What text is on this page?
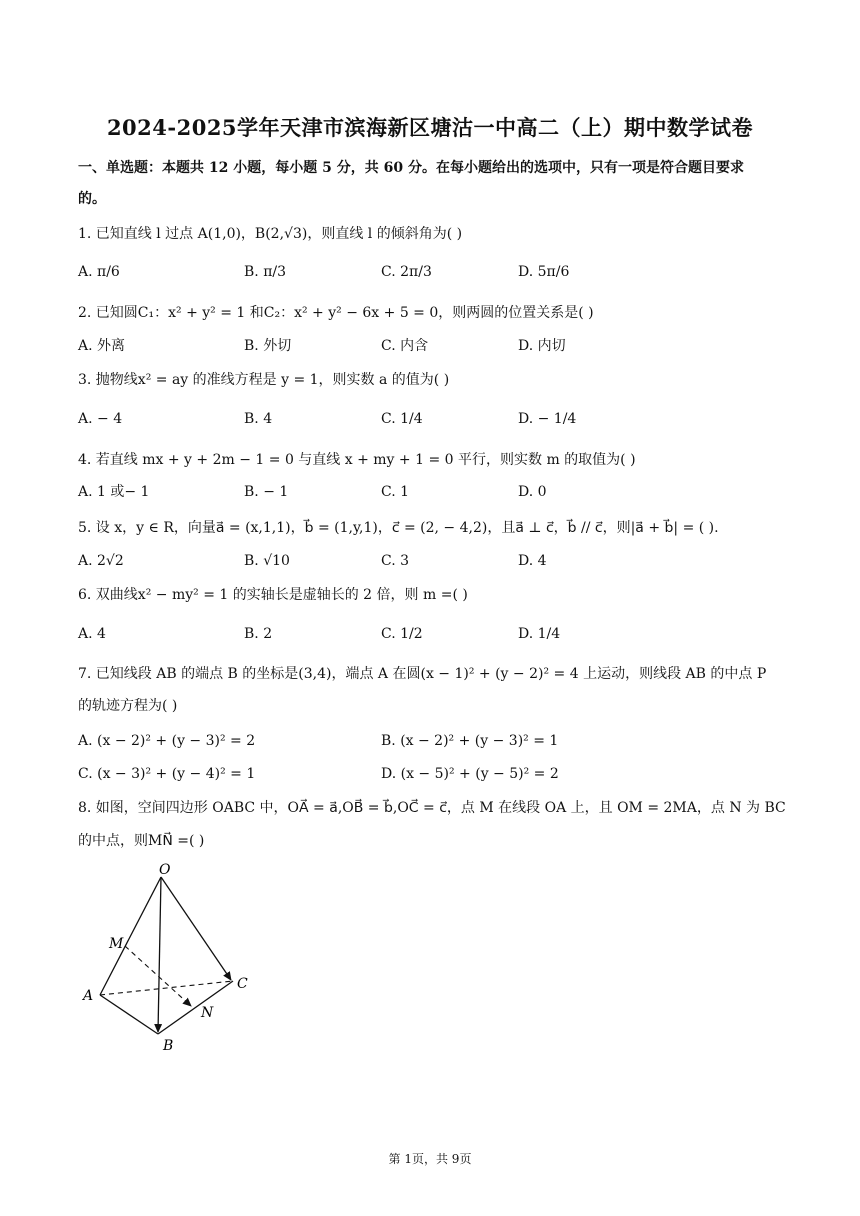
2024-2025学年天津市滨海新区塘沽一中高二（上）期中数学试卷
一、单选题：本题共 12 小题，每小题 5 分，共 60 分。在每小题给出的选项中，只有一项是符合题目要求
的。
1. 已知直线 l 过点 A(1,0)，B(2,√3)，则直线 l 的倾斜角为( )
A. π/6	B. π/3	C. 2π/3	D. 5π/6
2. 已知圆C₁：x² + y² = 1 和C₂：x² + y² − 6x + 5 = 0，则两圆的位置关系是( )
A. 外离	B. 外切	C. 内含	D. 内切
3. 抛物线x² = ay 的准线方程是 y = 1，则实数 a 的值为( )
A. − 4	B. 4	C. 1/4	D. − 1/4
4. 若直线 mx + y + 2m − 1 = 0 与直线 x + my + 1 = 0 平行，则实数 m 的取值为( )
A. 1 或− 1	B. − 1	C. 1	D. 0
5. 设 x，y ∈ R，向量a⃗ = (x,1,1)，b⃗ = (1,y,1)，c⃗ = (2, − 4,2)，且a⃗ ⊥ c⃗，b⃗ // c⃗，则|a⃗ + b⃗| = ( ).
A. 2√2	B. √10	C. 3	D. 4
6. 双曲线x² − my² = 1 的实轴长是虚轴长的 2 倍，则 m =( )
A. 4	B. 2	C. 1/2	D. 1/4
7. 已知线段 AB 的端点 B 的坐标是(3,4)，端点 A 在圆(x − 1)² + (y − 2)² = 4 上运动，则线段 AB 的中点 P
的轨迹方程为( )
A. (x − 2)² + (y − 3)² = 2	B. (x − 2)² + (y − 3)² = 1
C. (x − 3)² + (y − 4)² = 1	D. (x − 5)² + (y − 5)² = 2
8. 如图，空间四边形 OABC 中，OA⃗ = a⃗,OB⃗ = b⃗,OC⃗ = c⃗，点 M 在线段 OA 上，且 OM = 2MA，点 N 为 BC
的中点，则MN⃗ =( )
O
M
A
B
N
C
第 1页，共 9页
